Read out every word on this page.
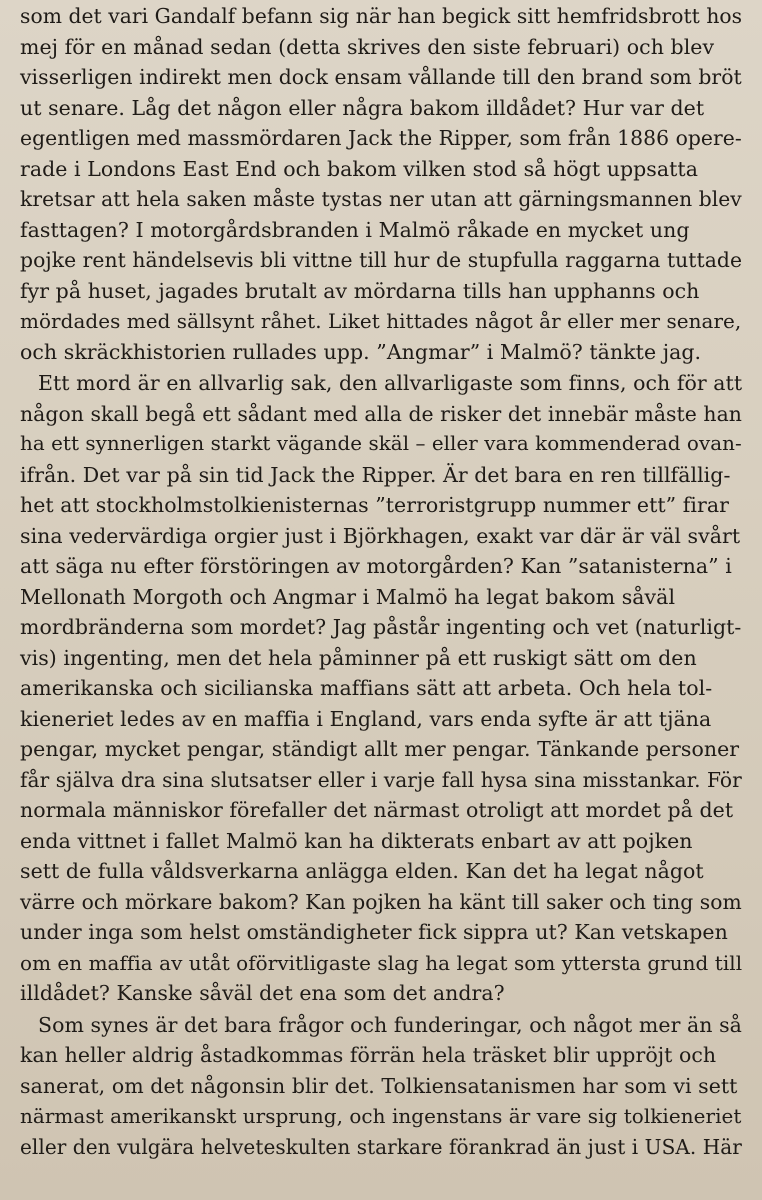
som det vari Gandalf befann sig när han begick sitt hemfridsbrott hos
mej för en månad sedan (detta skrives den siste februari) och blev
visserligen indirekt men dock ensam vållande till den brand som bröt
ut senare. Låg det någon eller några bakom illdådet? Hur var det
egentligen med massmördaren Jack the Ripper, som från 1886 opere-
rade i Londons East End och bakom vilken stod så högt uppsatta
kretsar att hela saken måste tystas ner utan att gärningsmannen blev
fasttagen? I motorgårdsbranden i Malmö råkade en mycket ung
pojke rent händelsevis bli vittne till hur de stupfulla raggarna tuttade
fyr på huset, jagades brutalt av mördarna tills han upphanns och
mördades med sällsynt råhet. Liket hittades något år eller mer senare,
och skräckhistorien rullades upp. ”Angmar” i Malmö? tänkte jag.
Ett mord är en allvarlig sak, den allvarligaste som finns, och för att
någon skall begå ett sådant med alla de risker det innebär måste han
ha ett synnerligen starkt vägande skäl – eller vara kommenderad ovan-
ifrån. Det var på sin tid Jack the Ripper. Är det bara en ren tillfällig-
het att stockholmstolkienisternas ”terroristgrupp nummer ett” firar
sina vedervärdiga orgier just i Björkhagen, exakt var där är väl svårt
att säga nu efter förstöringen av motorgården? Kan ”satanisterna” i
Mellonath Morgoth och Angmar i Malmö ha legat bakom såväl
mordbränderna som mordet? Jag påstår ingenting och vet (naturligt-
vis) ingenting, men det hela påminner på ett ruskigt sätt om den
amerikanska och sicilianska maffians sätt att arbeta. Och hela tol-
kieneriet ledes av en maffia i England, vars enda syfte är att tjäna
pengar, mycket pengar, ständigt allt mer pengar. Tänkande personer
får själva dra sina slutsatser eller i varje fall hysa sina misstankar. För
normala människor förefaller det närmast otroligt att mordet på det
enda vittnet i fallet Malmö kan ha dikterats enbart av att pojken
sett de fulla våldsverkarna anlägga elden. Kan det ha legat något
värre och mörkare bakom? Kan pojken ha känt till saker och ting som
under inga som helst omständigheter fick sippra ut? Kan vetskapen
om en maffia av utåt oförvitligaste slag ha legat som yttersta grund till
illdådet? Kanske såväl det ena som det andra?
Som synes är det bara frågor och funderingar, och något mer än så
kan heller aldrig åstadkommas förrän hela träsket blir uppröjt och
sanerat, om det någonsin blir det. Tolkiensatanismen har som vi sett
närmast amerikanskt ursprung, och ingenstans är vare sig tolkieneriet
eller den vulgära helveteskulten starkare förankrad än just i USA. Här
